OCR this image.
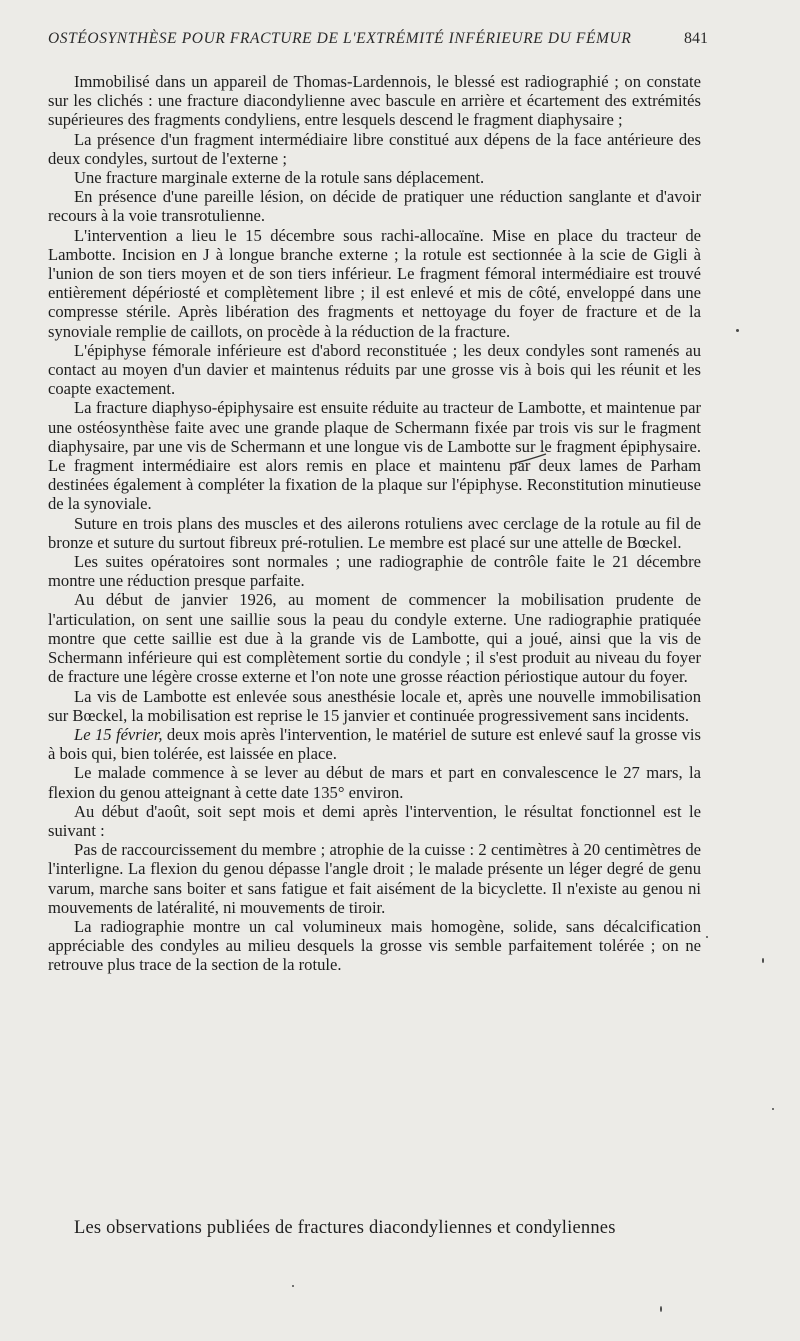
OSTÉOSYNTHÈSE POUR FRACTURE DE L'EXTRÉMITÉ INFÉRIEURE DU FÉMUR	841

Immobilisé dans un appareil de Thomas-Lardennois, le blessé est radiographié ; on constate sur les clichés : une fracture diacondylienne avec bascule en arrière et écartement des extrémités supérieures des fragments condyliens, entre lesquels descend le fragment diaphysaire ;

La présence d'un fragment intermédiaire libre constitué aux dépens de la face antérieure des deux condyles, surtout de l'externe ;

Une fracture marginale externe de la rotule sans déplacement.

En présence d'une pareille lésion, on décide de pratiquer une réduction sanglante et d'avoir recours à la voie transrotulienne.

L'intervention a lieu le 15 décembre sous rachi-allocaïne. Mise en place du tracteur de Lambotte. Incision en J à longue branche externe ; la rotule est sectionnée à la scie de Gigli à l'union de son tiers moyen et de son tiers inférieur. Le fragment fémoral intermédiaire est trouvé entièrement dépériosté et complètement libre ; il est enlevé et mis de côté, enveloppé dans une compresse stérile. Après libération des fragments et nettoyage du foyer de fracture et de la synoviale remplie de caillots, on procède à la réduction de la fracture.

L'épiphyse fémorale inférieure est d'abord reconstituée ; les deux condyles sont ramenés au contact au moyen d'un davier et maintenus réduits par une grosse vis à bois qui les réunit et les coapte exactement.

La fracture diaphyso-épiphysaire est ensuite réduite au tracteur de Lambotte, et maintenue par une ostéosynthèse faite avec une grande plaque de Schermann fixée par trois vis sur le fragment diaphysaire, par une vis de Schermann et une longue vis de Lambotte sur le fragment épiphysaire. Le fragment intermédiaire est alors remis en place et maintenu par deux lames de Parham destinées également à compléter la fixation de la plaque sur l'épiphyse. Reconstitution minutieuse de la synoviale.

Suture en trois plans des muscles et des ailerons rotuliens avec cerclage de la rotule au fil de bronze et suture du surtout fibreux pré-rotulien. Le membre est placé sur une attelle de Bœckel.

Les suites opératoires sont normales ; une radiographie de contrôle faite le 21 décembre montre une réduction presque parfaite.

Au début de janvier 1926, au moment de commencer la mobilisation prudente de l'articulation, on sent une saillie sous la peau du condyle externe. Une radiographie pratiquée montre que cette saillie est due à la grande vis de Lambotte, qui a joué, ainsi que la vis de Schermann inférieure qui est complètement sortie du condyle ; il s'est produit au niveau du foyer de fracture une légère crosse externe et l'on note une grosse réaction périostique autour du foyer.

La vis de Lambotte est enlevée sous anesthésie locale et, après une nouvelle immobilisation sur Bœckel, la mobilisation est reprise le 15 janvier et continuée progressivement sans incidents.

Le 15 février, deux mois après l'intervention, le matériel de suture est enlevé sauf la grosse vis à bois qui, bien tolérée, est laissée en place.

Le malade commence à se lever au début de mars et part en convalescence le 27 mars, la flexion du genou atteignant à cette date 135° environ.

Au début d'août, soit sept mois et demi après l'intervention, le résultat fonctionnel est le suivant :

Pas de raccourcissement du membre ; atrophie de la cuisse : 2 centimètres à 20 centimètres de l'interligne. La flexion du genou dépasse l'angle droit ; le malade présente un léger degré de genu varum, marche sans boiter et sans fatigue et fait aisément de la bicyclette. Il n'existe au genou ni mouvements de latéralité, ni mouvements de tiroir.

La radiographie montre un cal volumineux mais homogène, solide, sans décalcification appréciable des condyles au milieu desquels la grosse vis semble parfaitement tolérée ; on ne retrouve plus trace de la section de la rotule.

Les observations publiées de fractures diacondyliennes et condyliennes
